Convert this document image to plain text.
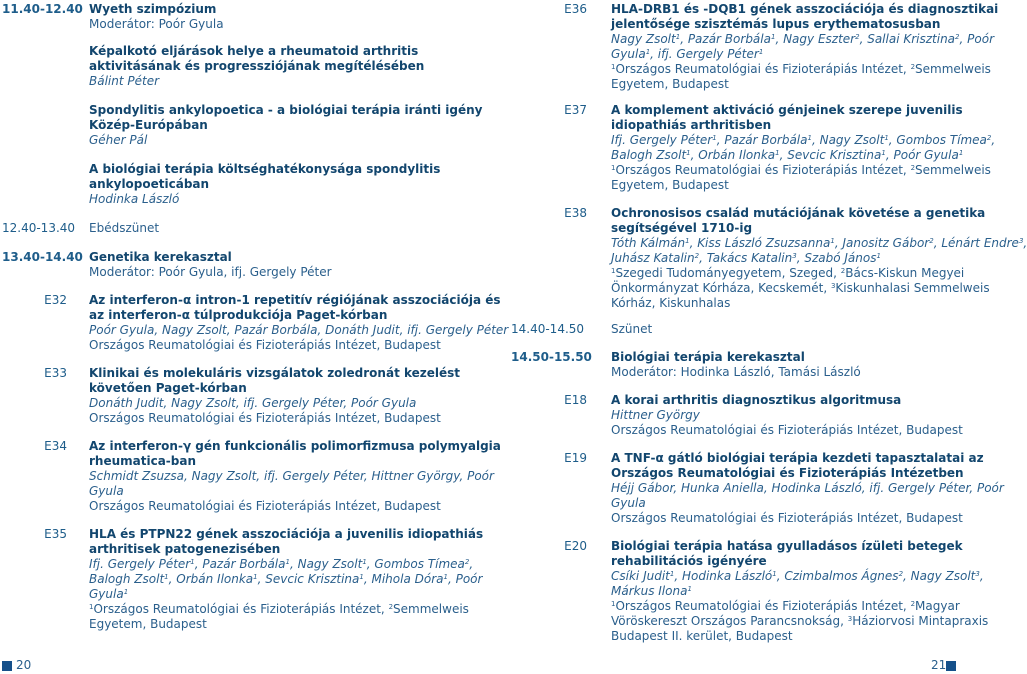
11.40-12.40 Wyeth szimpózium
Moderátor: Poór Gyula
Képalkotó eljárások helye a rheumatoid arthritis
aktivitásának és progressziójának megítélésében
Bálint Péter
Spondylitis ankylopoetica - a biológiai terápia iránti igény
Közép-Európában
Géher Pál
A biológiai terápia költséghatékonysága spondylitis
ankylopoeticában
Hodinka László
12.40-13.40 Ebédszünet
13.40-14.40 Genetika kerekasztal
Moderátor: Poór Gyula, ifj. Gergely Péter
E32 Az interferon-α intron-1 repetitív régiójának asszociációja és
az interferon-α túlprodukciója Paget-kórban
Poór Gyula, Nagy Zsolt, Pazár Borbála, Donáth Judit, ifj. Gergely Péter
Országos Reumatológiai és Fizioterápiás Intézet, Budapest
E33 Klinikai és molekuláris vizsgálatok zoledronát kezelést
követően Paget-kórban
Donáth Judit, Nagy Zsolt, ifj. Gergely Péter, Poór Gyula
Országos Reumatológiai és Fizioterápiás Intézet, Budapest
E34 Az interferon-γ gén funkcionális polimorfizmusa polymyalgia
rheumatica-ban
Schmidt Zsuzsa, Nagy Zsolt, ifj. Gergely Péter, Hittner György, Poór
Gyula
Országos Reumatológiai és Fizioterápiás Intézet, Budapest
E35 HLA és PTPN22 gének asszociációja a juvenilis idiopathiás
arthritisek patogenezisében
Ifj. Gergely Péter$^1$, Pazár Borbála$^1$, Nagy Zsolt$^1$, Gombos Tímea$^2$,
Balogh Zsolt$^1$, Orbán Ilonka$^1$, Sevcic Krisztina$^1$, Mihola Dóra$^1$, Poór
Gyula$^1$
$^1$Országos Reumatológiai és Fizioterápiás Intézet, $^2$Semmelweis
Egyetem, Budapest
20
E36 HLA-DRB1 és -DQB1 gének asszociációja és diagnosztikai
jelentősége szisztémás lupus erythematosusban
Nagy Zsolt$^1$, Pazár Borbála$^1$, Nagy Eszter$^2$, Sallai Krisztina$^2$, Poór
Gyula$^1$, ifj. Gergely Péter$^1$
$^1$Országos Reumatológiai és Fizioterápiás Intézet, $^2$Semmelweis
Egyetem, Budapest
E37 A komplement aktiváció génjeinek szerepe juvenilis
idiopathiás arthritisben
Ifj. Gergely Péter$^1$, Pazár Borbála$^1$, Nagy Zsolt$^1$, Gombos Tímea$^2$,
Balogh Zsolt$^1$, Orbán Ilonka$^1$, Sevcic Krisztina$^1$, Poór Gyula$^1$
$^1$Országos Reumatológiai és Fizioterápiás Intézet, $^2$Semmelweis
Egyetem, Budapest
E38 Ochronosisos család mutációjának követése a genetika
segítségével 1710-ig
Tóth Kálmán$^1$, Kiss László Zsuzsanna$^1$, Janositz Gábor$^2$, Lénárt Endre$^3$,
Juhász Katalin$^2$, Takács Katalin$^3$, Szabó János$^1$
$^1$Szegedi Tudományegyetem, Szeged, $^2$Bács-Kiskun Megyei
Önkormányzat Kórháza, Kecskemét, $^3$Kiskunhalasi Semmelweis
Kórház, Kiskunhalas
14.40-14.50 Szünet
14.50-15.50 Biológiai terápia kerekasztal
Moderátor: Hodinka László, Tamási László
E18 A korai arthritis diagnosztikus algoritmusa
Hittner György
Országos Reumatológiai és Fizioterápiás Intézet, Budapest
E19 A TNF-α gátló biológiai terápia kezdeti tapasztalatai az
Országos Reumatológiai és Fizioterápiás Intézetben
Héjj Gábor, Hunka Aniella, Hodinka László, ifj. Gergely Péter, Poór
Gyula
Országos Reumatológiai és Fizioterápiás Intézet, Budapest
E20 Biológiai terápia hatása gyulladásos ízületi betegek
rehabilitációs igényére
Csíki Judit$^1$, Hodinka László$^1$, Czimbalmos Ágnes$^2$, Nagy Zsolt$^3$,
Márkus Ilona$^1$
$^1$Országos Reumatológiai és Fizioterápiás Intézet, $^2$Magyar
Vöröskereszt Országos Parancsnokság, $^3$Háziorvosi Mintapraxis
Budapest II. kerület, Budapest
21
